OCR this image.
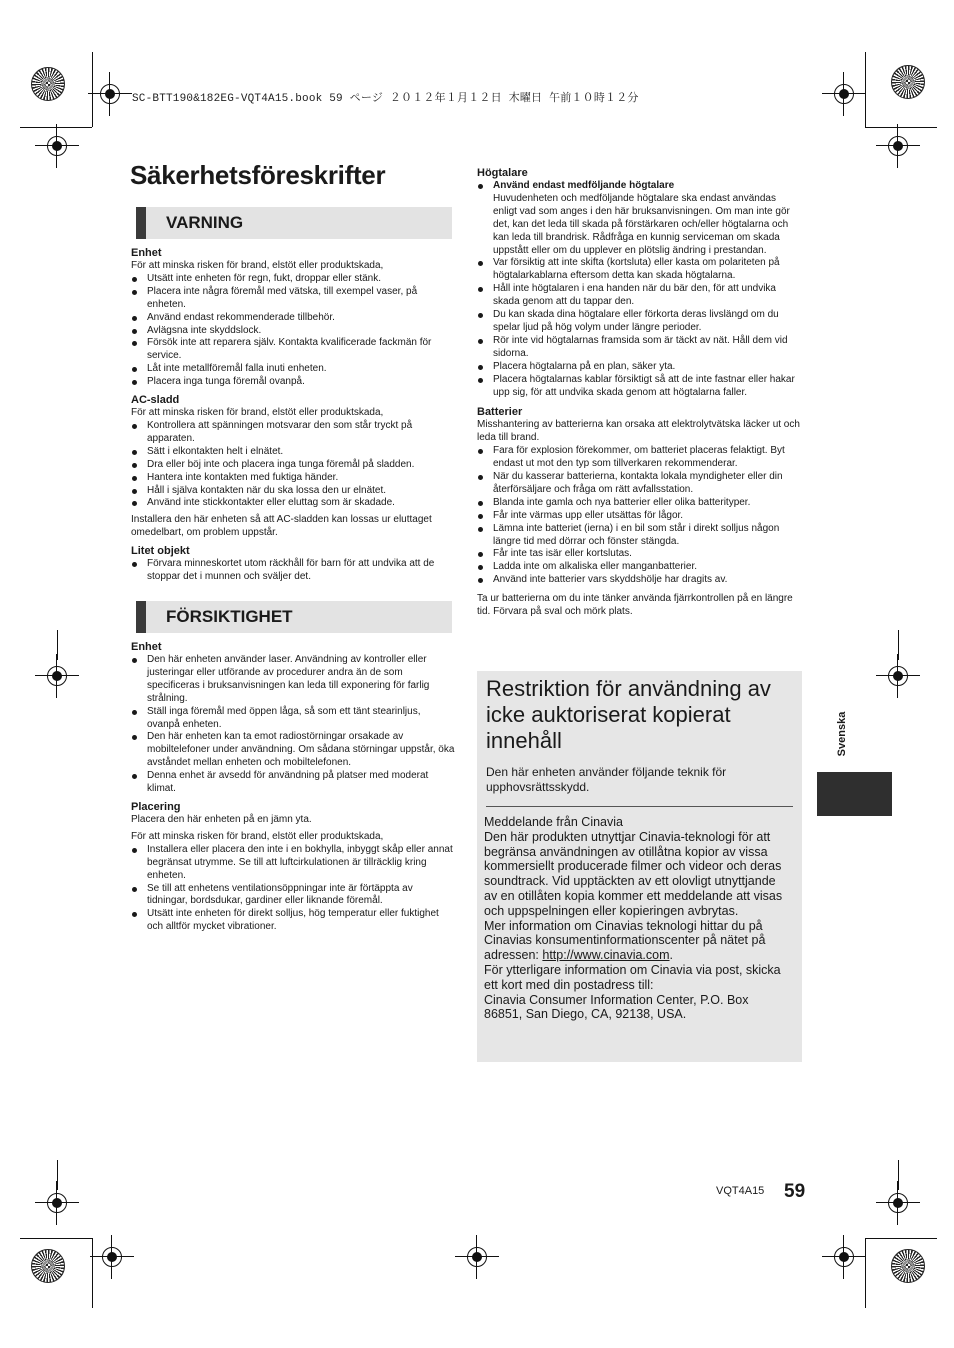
SC-BTT190&182EG-VQT4A15.book 59 ページ ２０１２年１月１２日 木曜日 午前１０時１２分
Säkerhetsföreskrifter
VARNING
Enhet

För att minska risken för brand, elstöt eller produktskada,

Utsätt inte enheten för regn, fukt, droppar eller stänk.
Placera inte några föremål med vätska, till exempel vaser, på enheten.
Använd endast rekommenderade tillbehör.
Avlägsna inte skyddslock.
Försök inte att reparera själv. Kontakta kvalificerade fackmän för service.
Låt inte metallföremål falla inuti enheten.
Placera inga tunga föremål ovanpå.
AC-sladd

För att minska risken för brand, elstöt eller produktskada,

Kontrollera att spänningen motsvarar den som står tryckt på apparaten.
Sätt i elkontakten helt i elnätet.
Dra eller böj inte och placera inga tunga föremål på sladden.
Hantera inte kontakten med fuktiga händer.
Håll i själva kontakten när du ska lossa den ur elnätet.
Använd inte stickkontakter eller eluttag som är skadade.

Installera den här enheten så att AC-sladden kan lossas ur eluttaget omedelbart, om problem uppstår.

Litet objekt
Förvara minneskortet utom räckhåll för barn för att undvika att de stoppar det i munnen och sväljer det.
FÖRSIKTIGHET
Enhet
Den här enheten använder laser. Användning av kontroller eller justeringar eller utförande av procedurer andra än de som specificeras i bruksanvisningen kan leda till exponering för farlig strålning.
Ställ inga föremål med öppen låga, så som ett tänt stearinljus, ovanpå enheten.
Den här enheten kan ta emot radiostörningar orsakade av mobiltelefoner under användning. Om sådana störningar uppstår, öka avståndet mellan enheten och mobiltelefonen.
Denna enhet är avsedd för användning på platser med moderat klimat.
Placering

Placera den här enheten på en jämn yta.

För att minska risken för brand, elstöt eller produktskada,

Installera eller placera den inte i en bokhylla, inbyggt skåp eller annat begränsat utrymme. Se till att luftcirkulationen är tillräcklig kring enheten.
Se till att enhetens ventilationsöppningar inte är förtäppta av tidningar, bordsdukar, gardiner eller liknande föremål.
Utsätt inte enheten för direkt solljus, hög temperatur eller fuktighet och alltför mycket vibrationer.
Högtalare
Använd endast medföljande högtalare
Huvudenheten och medföljande högtalare ska endast användas enligt vad som anges i den här bruksanvisningen. Om man inte gör det, kan det leda till skada på förstärkaren och/eller högtalarna och kan leda till brandrisk. Rådfråga en kunnig serviceman om skada uppstått eller om du upplever en plötslig ändring i prestandan.
Var försiktig att inte skifta (kortsluta) eller kasta om polariteten på högtalarkablarna eftersom detta kan skada högtalarna.
Håll inte högtalaren i ena handen när du bär den, för att undvika skada genom att du tappar den.
Du kan skada dina högtalare eller förkorta deras livslängd om du spelar ljud på hög volym under längre perioder.
Rör inte vid högtalarnas framsida som är täckt av nät. Håll dem vid sidorna.
Placera högtalarna på en plan, säker yta.
Placera högtalarnas kablar försiktigt så att de inte fastnar eller hakar upp sig, för att undvika skada genom att högtalarna faller.
Batterier

Misshantering av batterierna kan orsaka att elektrolytvätska läcker ut och leda till brand.

Fara för explosion förekommer, om batteriet placeras felaktigt. Byt endast ut mot den typ som tillverkaren rekommenderar.
När du kasserar batterierna, kontakta lokala myndigheter eller din återförsäljare och fråga om rätt avfallsstation.
Blanda inte gamla och nya batterier eller olika batterityper.
Får inte värmas upp eller utsättas för lågor.
Lämna inte batteriet (ierna) i en bil som står i direkt solljus någon längre tid med dörrar och fönster stängda.
Får inte tas isär eller kortslutas.
Ladda inte om alkaliska eller manganbatterier.
Använd inte batterier vars skyddshölje har dragits av.

Ta ur batterierna om du inte tänker använda fjärrkontrollen på en längre tid. Förvara på sval och mörk plats.

Restriktion för användning av icke auktoriserat kopierat innehåll
Den här enheten använder följande teknik för upphovsrättsskydd.

Meddelande från Cinavia

Den här produkten utnyttjar Cinavia-teknologi för att begränsa användningen av otillåtna kopior av vissa kommersiellt producerade filmer och videor och deras soundtrack. Vid upptäckten av ett olovligt utnyttjande av en otillåten kopia kommer ett meddelande att visas och uppspelningen eller kopieringen avbrytas.

Mer information om Cinavias teknologi hittar du på Cinavias konsumentinformationscenter på nätet på adressen: http://www.cinavia.com.

För ytterligare information om Cinavia via post, skicka ett kort med din postadress till:

Cinavia Consumer Information Center, P.O. Box 86851, San Diego, CA, 92138, USA.

Svenska
VQT4A15 59
